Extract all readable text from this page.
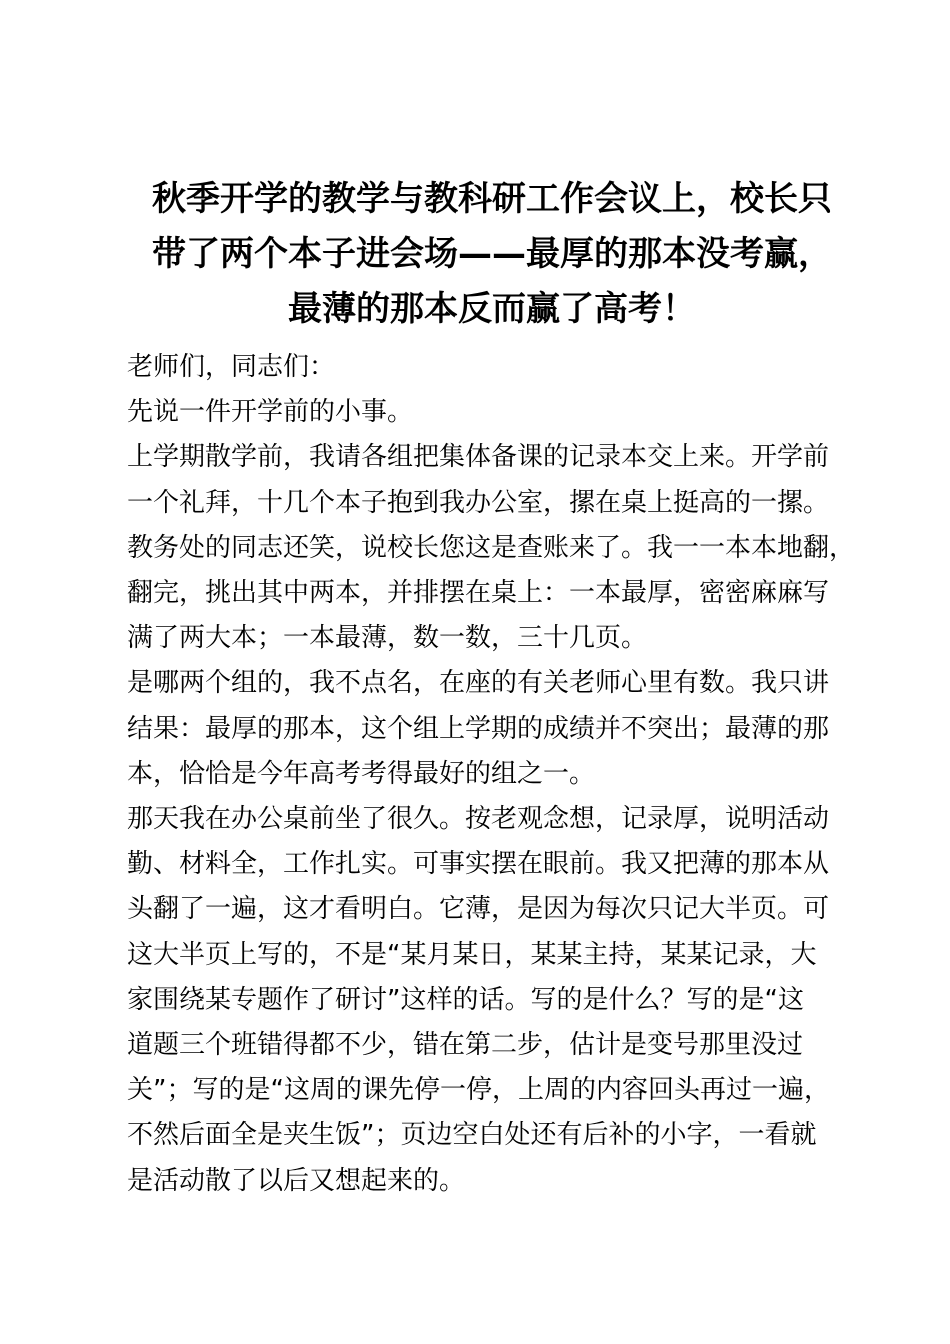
秋季开学的教学与教科研工作会议上，校长只
带了两个本子进会场——最厚的那本没考赢，
最薄的那本反而赢了高考！

老师们，同志们：

先说一件开学前的小事。

上学期散学前，我请各组把集体备课的记录本交上来。开学前
一个礼拜，十几个本子抱到我办公室，摞在桌上挺高的一摞。
教务处的同志还笑，说校长您这是查账来了。我一一本本地翻，
翻完，挑出其中两本，并排摆在桌上：一本最厚，密密麻麻写
满了两大本；一本最薄，数一数，三十几页。

是哪两个组的，我不点名，在座的有关老师心里有数。我只讲
结果：最厚的那本，这个组上学期的成绩并不突出；最薄的那
本，恰恰是今年高考考得最好的组之一。

那天我在办公桌前坐了很久。按老观念想，记录厚，说明活动
勤、材料全，工作扎实。可事实摆在眼前。我又把薄的那本从
头翻了一遍，这才看明白。它薄，是因为每次只记大半页。可
这大半页上写的，不是“某月某日，某某主持，某某记录，大
家围绕某专题作了研讨”这样的话。写的是什么？写的是“这
道题三个班错得都不少，错在第二步，估计是变号那里没过
关”；写的是“这周的课先停一停，上周的内容回头再过一遍，
不然后面全是夹生饭”；页边空白处还有后补的小字，一看就
是活动散了以后又想起来的。
